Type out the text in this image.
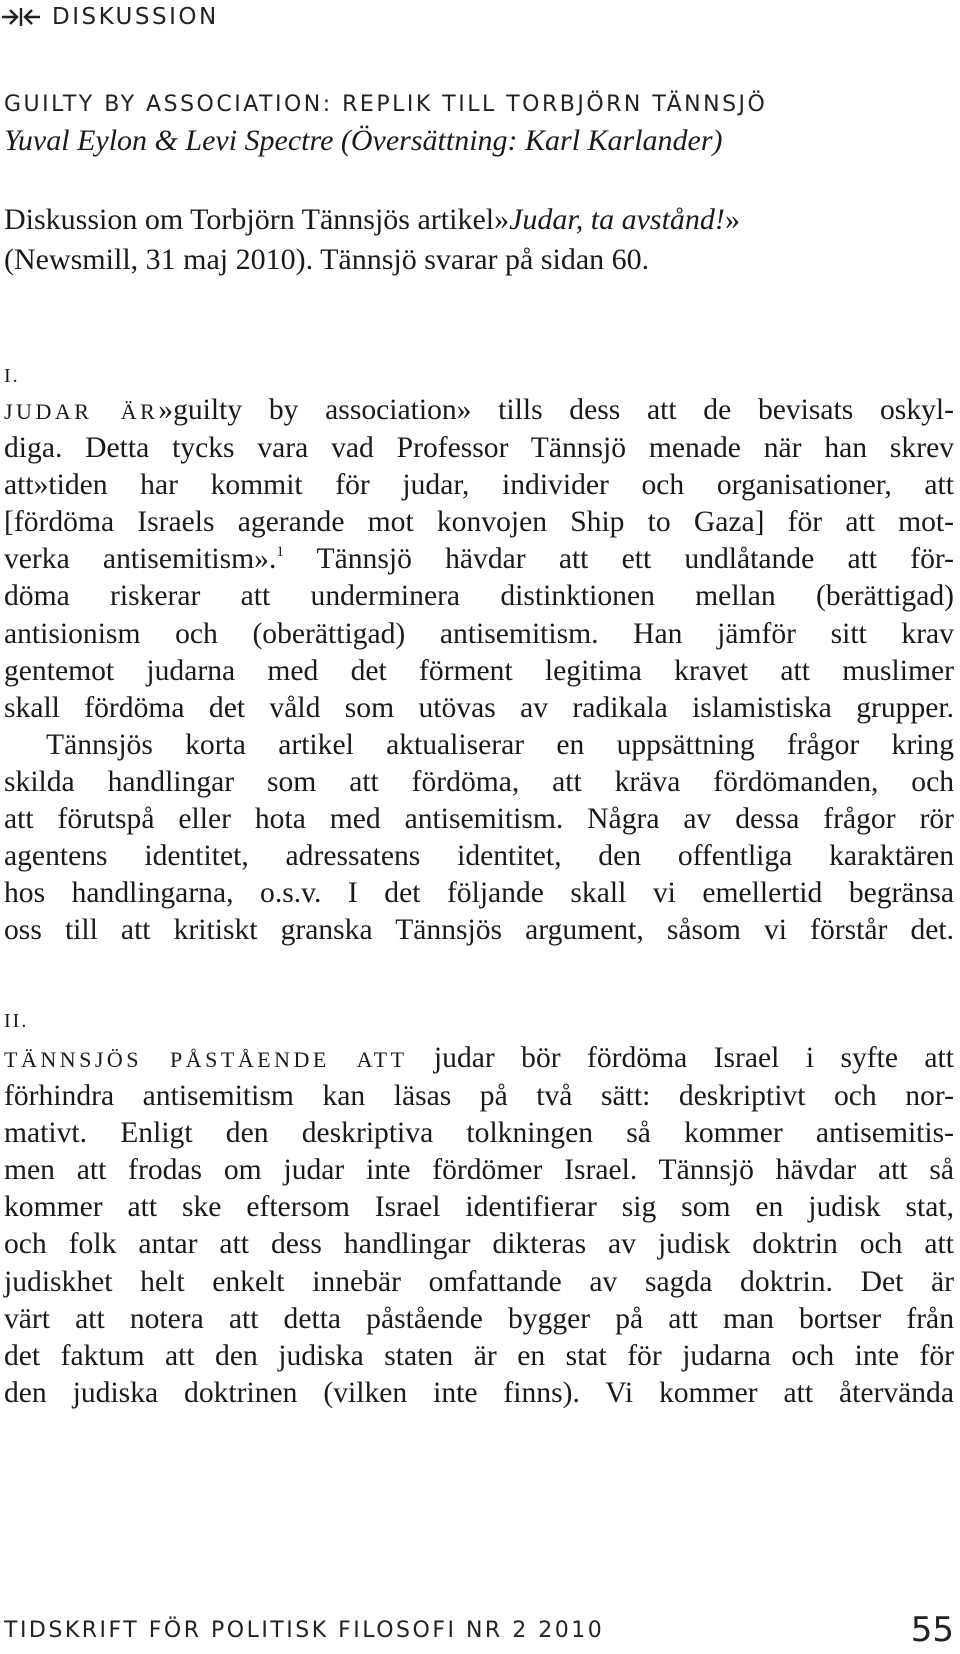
DISKUSSION
GUILTY BY ASSOCIATION: REPLIK TILL TORBJÖRN TÄNNSJÖ
Yuval Eylon & Levi Spectre (Översättning: Karl Karlander)

Diskussion om Torbjörn Tännsjös artikel»Judar, ta avstånd!»
(Newsmill, 31 maj 2010). Tännsjö svarar på sidan 60.

I.

JUDAR ÄR»guilty by association» tills dess att de bevisats oskyl-
diga. Detta tycks vara vad Professor Tännsjö menade när han skrev
att»tiden har kommit för judar, individer och organisationer, att
[fördöma Israels agerande mot konvojen Ship to Gaza] för att mot-
verka antisemitism».$^1$ Tännsjö hävdar att ett undlåtande att för-
döma riskerar att underminera distinktionen mellan (berättigad)
antisionism och (oberättigad) antisemitism. Han jämför sitt krav
gentemot judarna med det förment legitima kravet att muslimer
skall fördöma det våld som utövas av radikala islamistiska grupper.
Tännsjös korta artikel aktualiserar en uppsättning frågor kring
skilda handlingar som att fördöma, att kräva fördömanden, och
att förutspå eller hota med antisemitism. Några av dessa frågor rör
agentens identitet, adressatens identitet, den offentliga karaktären
hos handlingarna, o.s.v. I det följande skall vi emellertid begränsa
oss till att kritiskt granska Tännsjös argument, såsom vi förstår det.

II.

TÄNNSJÖS PÅSTÅENDE ATT judar bör fördöma Israel i syfte att
förhindra antisemitism kan läsas på två sätt: deskriptivt och nor-
mativt. Enligt den deskriptiva tolkningen så kommer antisemitis-
men att frodas om judar inte fördömer Israel. Tännsjö hävdar att så
kommer att ske eftersom Israel identifierar sig som en judisk stat,
och folk antar att dess handlingar dikteras av judisk doktrin och att
judiskhet helt enkelt innebär omfattande av sagda doktrin. Det är
värt att notera att detta påstående bygger på att man bortser från
det faktum att den judiska staten är en stat för judarna och inte för
den judiska doktrinen (vilken inte finns). Vi kommer att återvända

TIDSKRIFT FÖR POLITISK FILOSOFI NR 2 2010	55
